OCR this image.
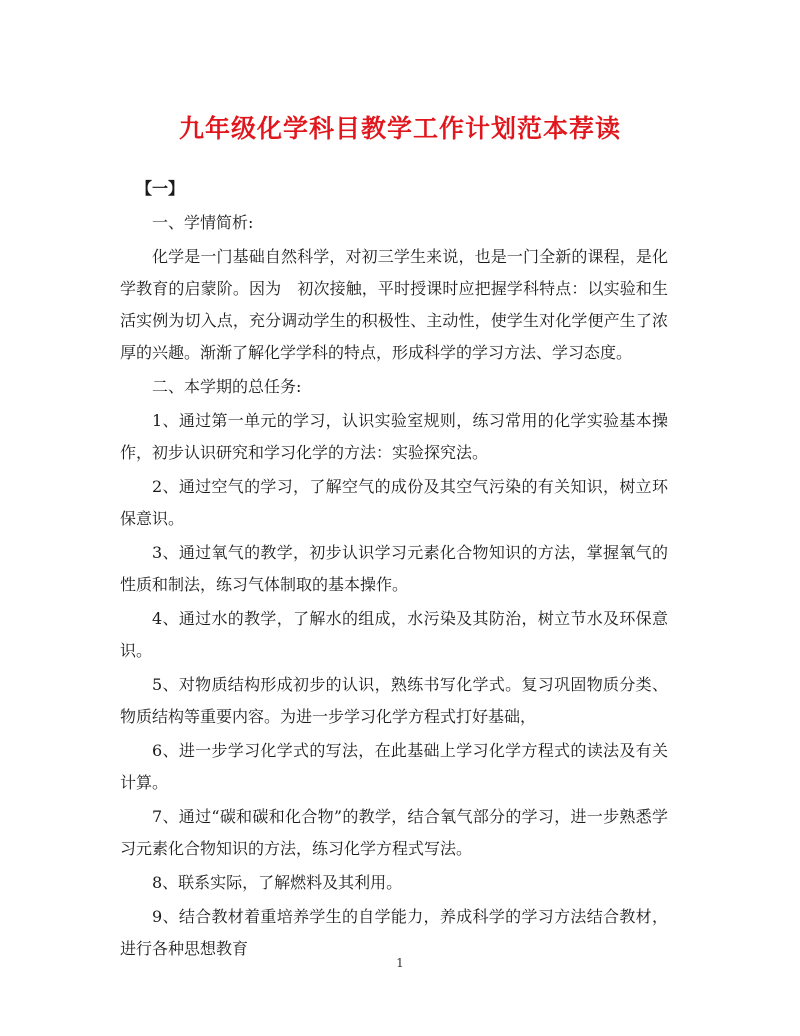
九年级化学科目教学工作计划范本荐读
【一】

一、学情简析:

化学是一门基础自然科学，对初三学生来说，也是一门全新的课程，是化学教育的启蒙阶。因为　初次接触，平时授课时应把握学科特点：以实验和生活实例为切入点，充分调动学生的积极性、主动性，使学生对化学便产生了浓厚的兴趣。渐渐了解化学学科的特点，形成科学的学习方法、学习态度。

二、本学期的总任务:

1、通过第一单元的学习，认识实验室规则，练习常用的化学实验基本操作，初步认识研究和学习化学的方法：实验探究法。

2、通过空气的学习，了解空气的成份及其空气污染的有关知识，树立环保意识。

3、通过氧气的教学，初步认识学习元素化合物知识的方法，掌握氧气的性质和制法，练习气体制取的基本操作。

4、通过水的教学，了解水的组成，水污染及其防治，树立节水及环保意识。

5、对物质结构形成初步的认识，熟练书写化学式。复习巩固物质分类、物质结构等重要内容。为进一步学习化学方程式打好基础，

6、进一步学习化学式的写法，在此基础上学习化学方程式的读法及有关计算。

7、通过“碳和碳和化合物”的教学，结合氧气部分的学习，进一步熟悉学习元素化合物知识的方法，练习化学方程式写法。

8、联系实际，了解燃料及其利用。

9、结合教材着重培养学生的自学能力，养成科学的学习方法结合教材，进行各种思想教育

1
